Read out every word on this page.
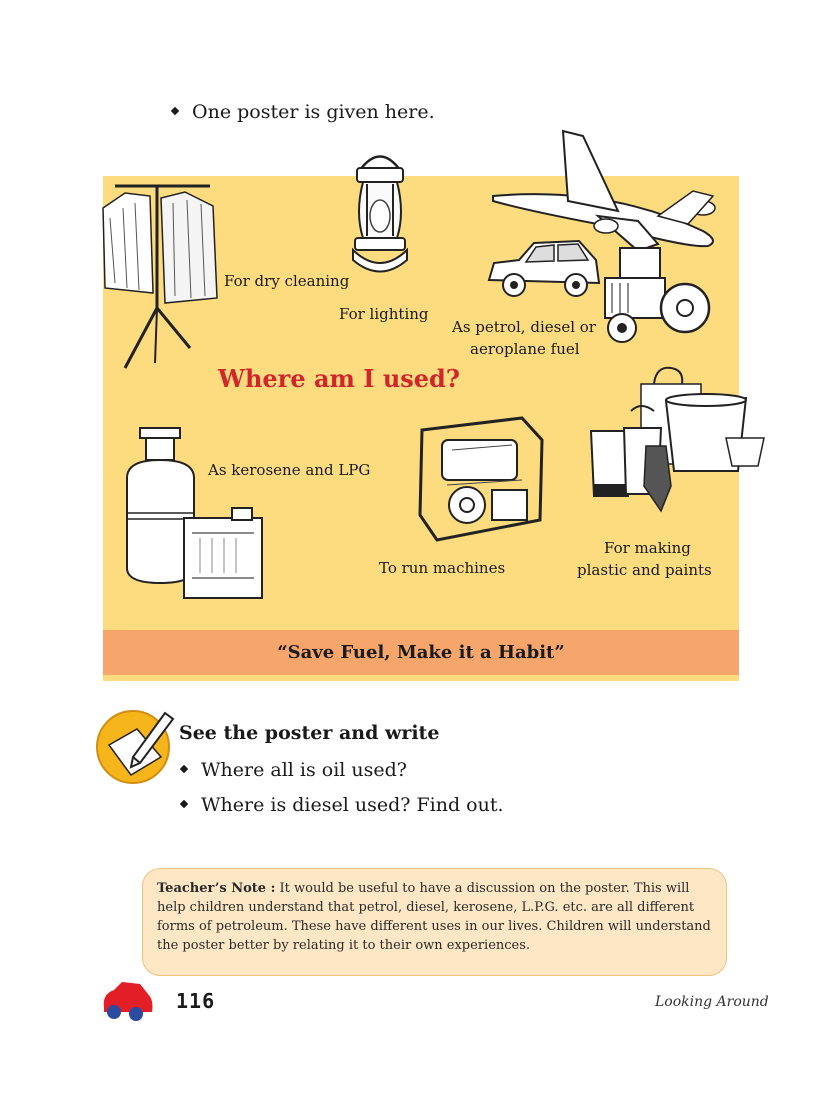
One poster is given here.
For dry cleaning
For lighting
As petrol, diesel or
aeroplane fuel
Where am I used?
As kerosene and LPG
To run machines
For making
plastic and paints
“Save Fuel, Make it a Habit”
See the poster and write
Where all is oil used?
Where is diesel used? Find out.
Teacher’s Note : It would be useful to have a discussion on the poster. This will help children understand that petrol, diesel, kerosene, L.P.G. etc. are all different forms of petroleum. These have different uses in our lives. Children will understand the poster better by relating it to their own experiences.
116	Looking Around
